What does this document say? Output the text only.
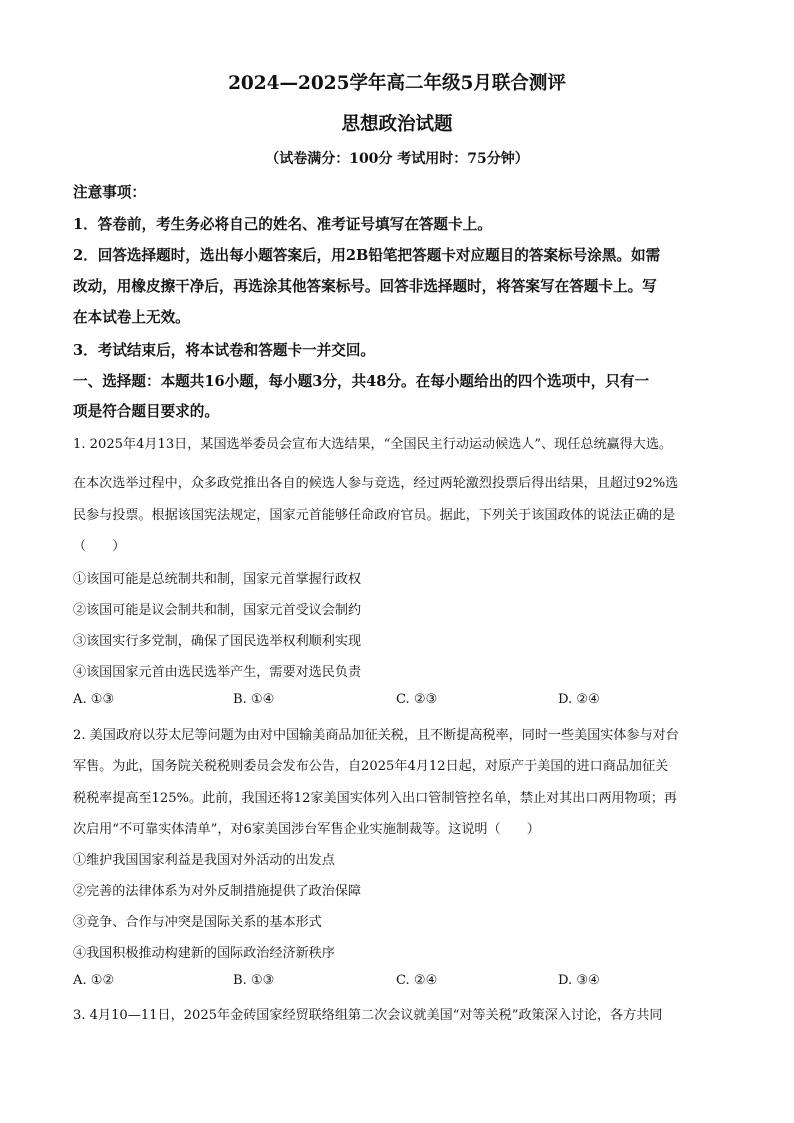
2024—2025学年高二年级5月联合测评
思想政治试题
（试卷满分：100分 考试用时：75分钟）
注意事项：
1．答卷前，考生务必将自己的姓名、准考证号填写在答题卡上。
2．回答选择题时，选出每小题答案后，用2B铅笔把答题卡对应题目的答案标号涂黑。如需
改动，用橡皮擦干净后，再选涂其他答案标号。回答非选择题时，将答案写在答题卡上。写
在本试卷上无效。
3．考试结束后，将本试卷和答题卡一并交回。
一、选择题：本题共16小题，每小题3分，共48分。在每小题给出的四个选项中，只有一
项是符合题目要求的。
1. 2025年4月13日，某国选举委员会宣布大选结果，“全国民主行动运动候选人”、现任总统赢得大选。
在本次选举过程中，众多政党推出各自的候选人参与竞选，经过两轮激烈投票后得出结果，且超过92%选
民参与投票。根据该国宪法规定，国家元首能够任命政府官员。据此，下列关于该国政体的说法正确的是
（　　）
①该国可能是总统制共和制，国家元首掌握行政权
②该国可能是议会制共和制，国家元首受议会制约
③该国实行多党制，确保了国民选举权利顺利实现
④该国国家元首由选民选举产生，需要对选民负责
A. ①③	B. ①④	C. ②③	D. ②④
2. 美国政府以芬太尼等问题为由对中国输美商品加征关税，且不断提高税率，同时一些美国实体参与对台
军售。为此，国务院关税税则委员会发布公告，自2025年4月12日起，对原产于美国的进口商品加征关
税税率提高至125%。此前，我国还将12家美国实体列入出口管制管控名单，禁止对其出口两用物项；再
次启用“不可靠实体清单”，对6家美国涉台军售企业实施制裁等。这说明（　　）
①维护我国国家利益是我国对外活动的出发点
②完善的法律体系为对外反制措施提供了政治保障
③竞争、合作与冲突是国际关系的基本形式
④我国积极推动构建新的国际政治经济新秩序
A. ①②	B. ①③	C. ②④	D. ③④
3. 4月10—11日，2025年金砖国家经贸联络组第二次会议就美国“对等关税”政策深入讨论，各方共同
